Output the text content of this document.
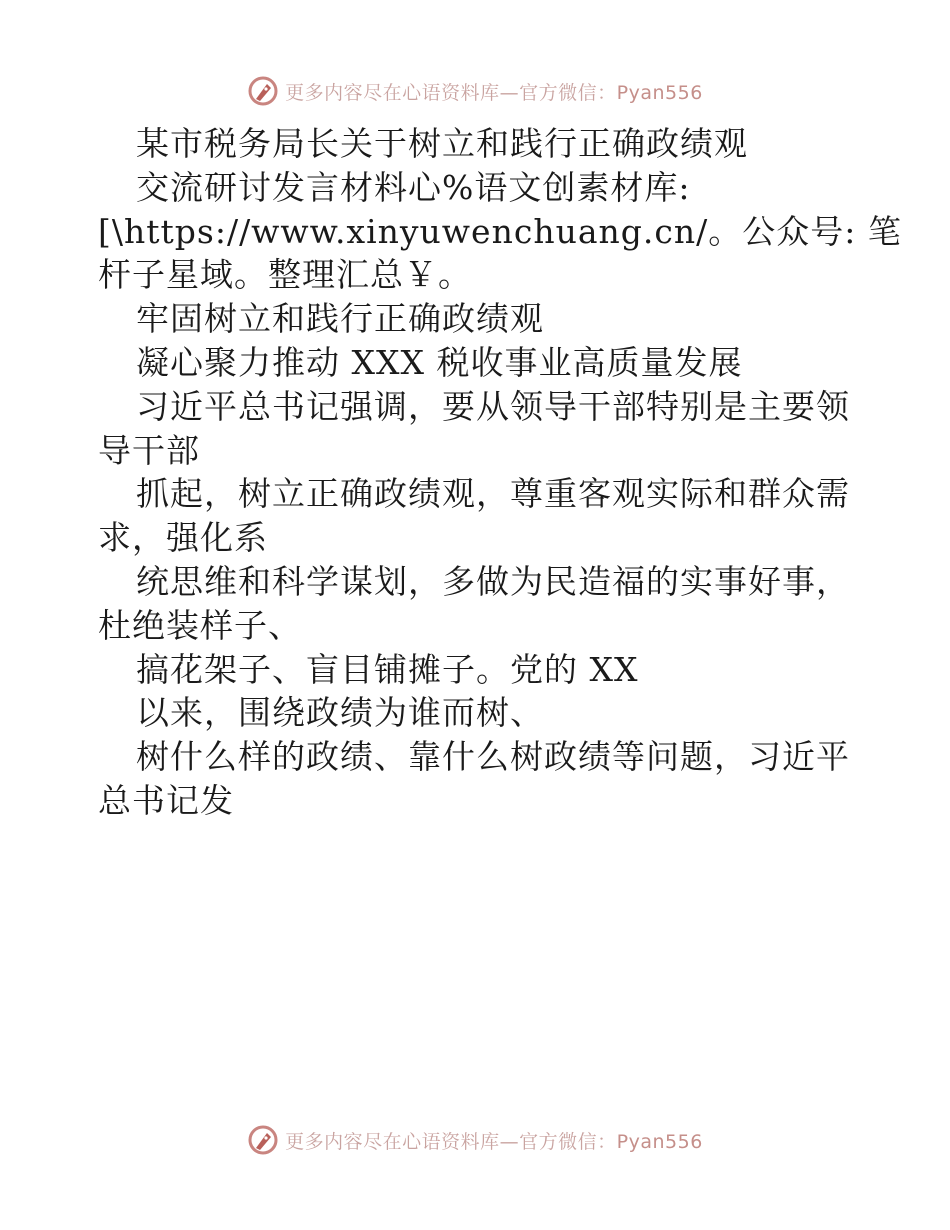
更多内容尽在心语资料库—官方微信：Pyan556

某市税务局长关于树立和践行正确政绩观

交流研讨发言材料心%语文创素材库:

[\https://www.xinyuwenchuang.cn/。公众号: 笔

杆子星域。整理汇总￥。

牢固树立和践行正确政绩观

凝心聚力推动 XXX 税收事业高质量发展

习近平总书记强调，要从领导干部特别是主要领

导干部

抓起，树立正确政绩观，尊重客观实际和群众需

求，强化系

统思维和科学谋划，多做为民造福的实事好事，

杜绝装样子、

搞花架子、盲目铺摊子。党的 XX

以来，围绕政绩为谁而树、

树什么样的政绩、靠什么树政绩等问题，习近平

总书记发

更多内容尽在心语资料库—官方微信：Pyan556
